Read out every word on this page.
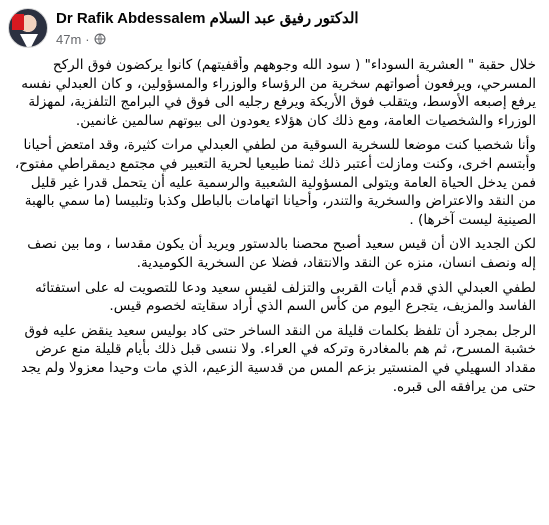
Dr Rafik Abdessalem الدكتور رفيق عبد السلام
47m ·

خلال حقبة " العشرية السوداء" ( سود الله وجوههم وأقفيتهم) كانوا يركضون فوق الركح المسرحي، ويرفعون أصواتهم سخرية من الرؤساء والوزراء والمسؤولين، و كان العبدلي نفسه يرفع إصبعه الأوسط، ويتقلب فوق الأريكة ويرفع رجليه الى فوق في البرامج التلفزية، لمهزلة الوزراء والشخصيات العامة، ومع ذلك كان هؤلاء يعودون الى بيوتهم سالمين غانمين.

وأنا شخصيا كنت موضعا للسخرية السوقية من لطفي العبدلي مرات كثيرة، وقد امتعض أحيانا وأبتسم اخرى، وكنت ومازلت أعتبر ذلك ثمنا طبيعيا لحرية التعبير في مجتمع ديمقراطي مفتوح، فمن يدخل الحياة العامة ويتولى المسؤولية الشعبية والرسمية عليه أن يتحمل قدرا غير قليل من النقد والاعتراض والسخرية والتندر، وأحيانا اتهامات بالباطل وكذبا وتلبيسا (ما سمي بالهبة الصينية ليست آخرها) .

لكن الجديد الان أن قيس سعيد أصبح محصنا بالدستور ويريد أن يكون مقدسا ، وما بين نصف إله ونصف انسان، منزه عن النقد والانتقاد، فضلا عن السخرية الكوميدية.

لطفي العبدلي الذي قدم أيات القربى والتزلف لقيس سعيد ودعا للتصويت له على استفتائه الفاسد والمزيف، يتجرع اليوم من كأس السم الذي أراد سقايته لخصوم قيس.

الرجل بمجرد أن تلفظ بكلمات قليلة من النقد الساخر حتى كاد بوليس سعيد ينقض عليه فوق خشبة المسرح، ثم هم بالمغادرة وتركه في العراء. ولا ننسى قبل ذلك بأيام قليلة منع عرض مقداد السهيلي في المنستير بزعم المس من قدسية الزعيم، الذي مات وحيدا معزولا ولم يجد حتى من يرافقه الى قبره.
